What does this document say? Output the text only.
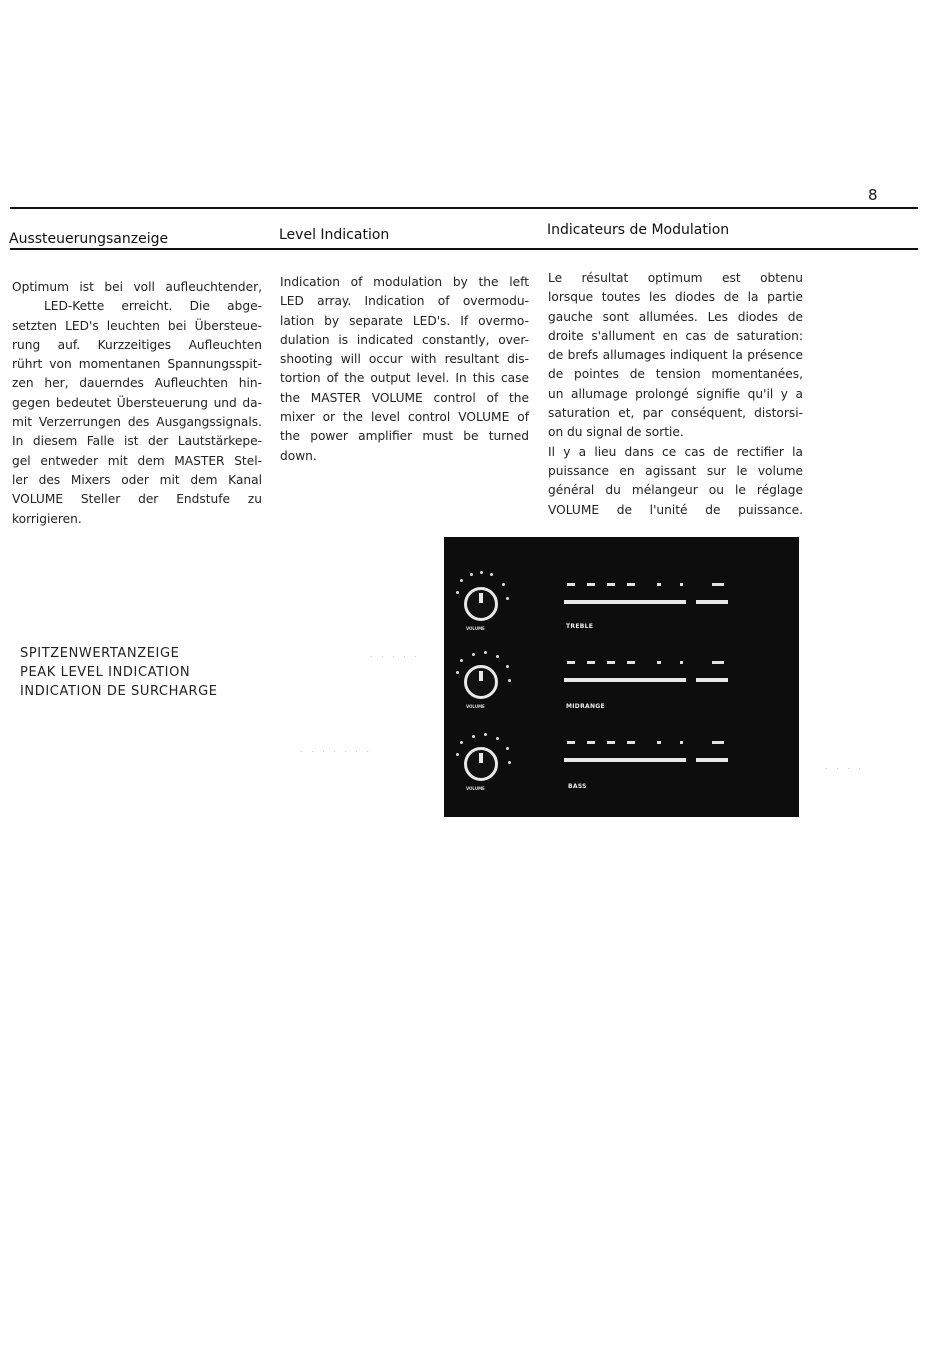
8
Aussteuerungsanzeige	Level Indication	Indicateurs de Modulation
Optimum ist bei voll aufleuchtender,
LED-Kette erreicht. Die abge-
setzten LED's leuchten bei Übersteue-
rung auf. Kurzzeitiges Aufleuchten
rührt von momentanen Spannungsspit-
zen her, dauerndes Aufleuchten hin-
gegen bedeutet Übersteuerung und da-
mit Verzerrungen des Ausgangssignals.
In diesem Falle ist der Lautstärkepe-
gel entweder mit dem MASTER Stel-
ler des Mixers oder mit dem Kanal
VOLUME Steller der Endstufe zu
korrigieren.
Indication of modulation by the left
LED array. Indication of overmodu-
lation by separate LED's. If overmo-
dulation is indicated constantly, over-
shooting will occur with resultant dis-
tortion of the output level. In this case
the MASTER VOLUME control of the
mixer or the level control VOLUME of
the power amplifier must be turned
down.
Le résultat optimum est obtenu
lorsque toutes les diodes de la partie
gauche sont allumées. Les diodes de
droite s'allument en cas de saturation:
de brefs allumages indiquent la présence
de pointes de tension momentanées,
un allumage prolongé signifie qu'il y a
saturation et, par conséquent, distorsi-
on du signal de sortie.
Il y a lieu dans ce cas de rectifier la
puissance en agissant sur le volume
général du mélangeur ou le réglage
VOLUME de l'unité de puissance.
SPITZENWERTANZEIGE
PEAK LEVEL INDICATION
INDICATION DE SURCHARGE
VOLUME	TREBLE
VOLUME	MIDRANGE
VOLUME	BASS
. . . . .
. . . . . . .
. . . .
